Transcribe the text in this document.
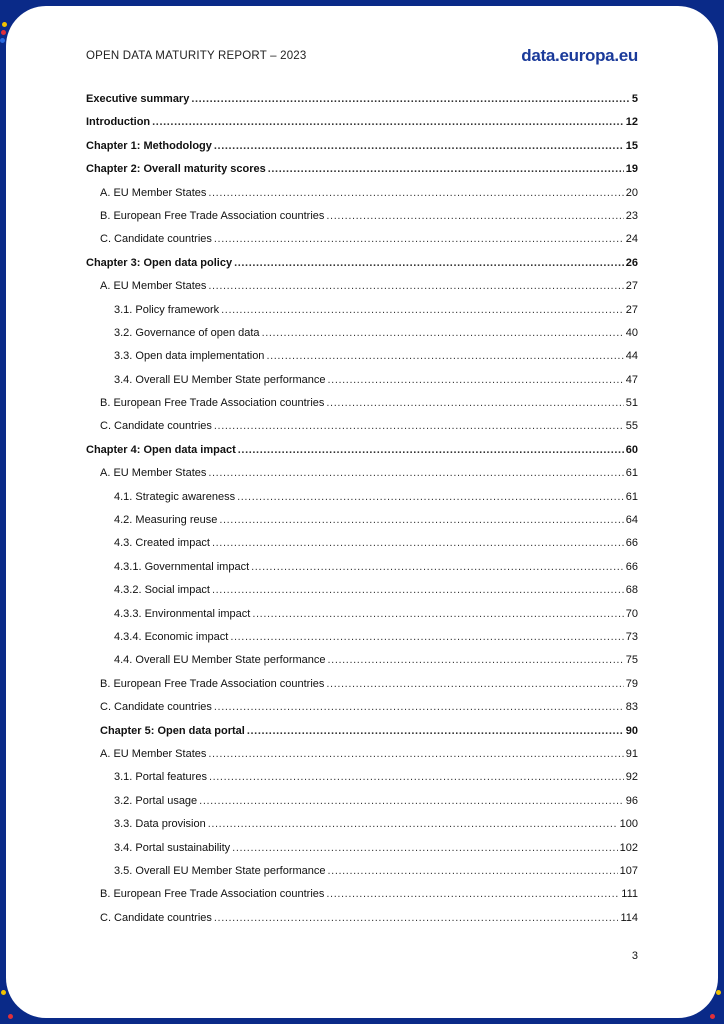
OPEN DATA MATURITY REPORT – 2023	data.europa.eu
Executive summary .....	5
Introduction .....	12
Chapter 1: Methodology .....	15
Chapter 2: Overall maturity scores .....	19
A. EU Member States .....	20
B. European Free Trade Association countries .....	23
C. Candidate countries .....	24
Chapter 3: Open data policy .....	26
A. EU Member States .....	27
3.1. Policy framework .....	27
3.2. Governance of open data .....	40
3.3. Open data implementation .....	44
3.4. Overall EU Member State performance .....	47
B. European Free Trade Association countries .....	51
C. Candidate countries .....	55
Chapter 4: Open data impact .....	60
A. EU Member States .....	61
4.1. Strategic awareness .....	61
4.2. Measuring reuse .....	64
4.3. Created impact .....	66
4.3.1. Governmental impact .....	66
4.3.2. Social impact .....	68
4.3.3. Environmental impact .....	70
4.3.4. Economic impact .....	73
4.4. Overall EU Member State performance .....	75
B. European Free Trade Association countries .....	79
C. Candidate countries .....	83
Chapter 5: Open data portal .....	90
A. EU Member States .....	91
3.1. Portal features .....	92
3.2. Portal usage .....	96
3.3. Data provision .....	100
3.4. Portal sustainability .....	102
3.5. Overall EU Member State performance .....	107
B. European Free Trade Association countries .....	111
C. Candidate countries .....	114
3
